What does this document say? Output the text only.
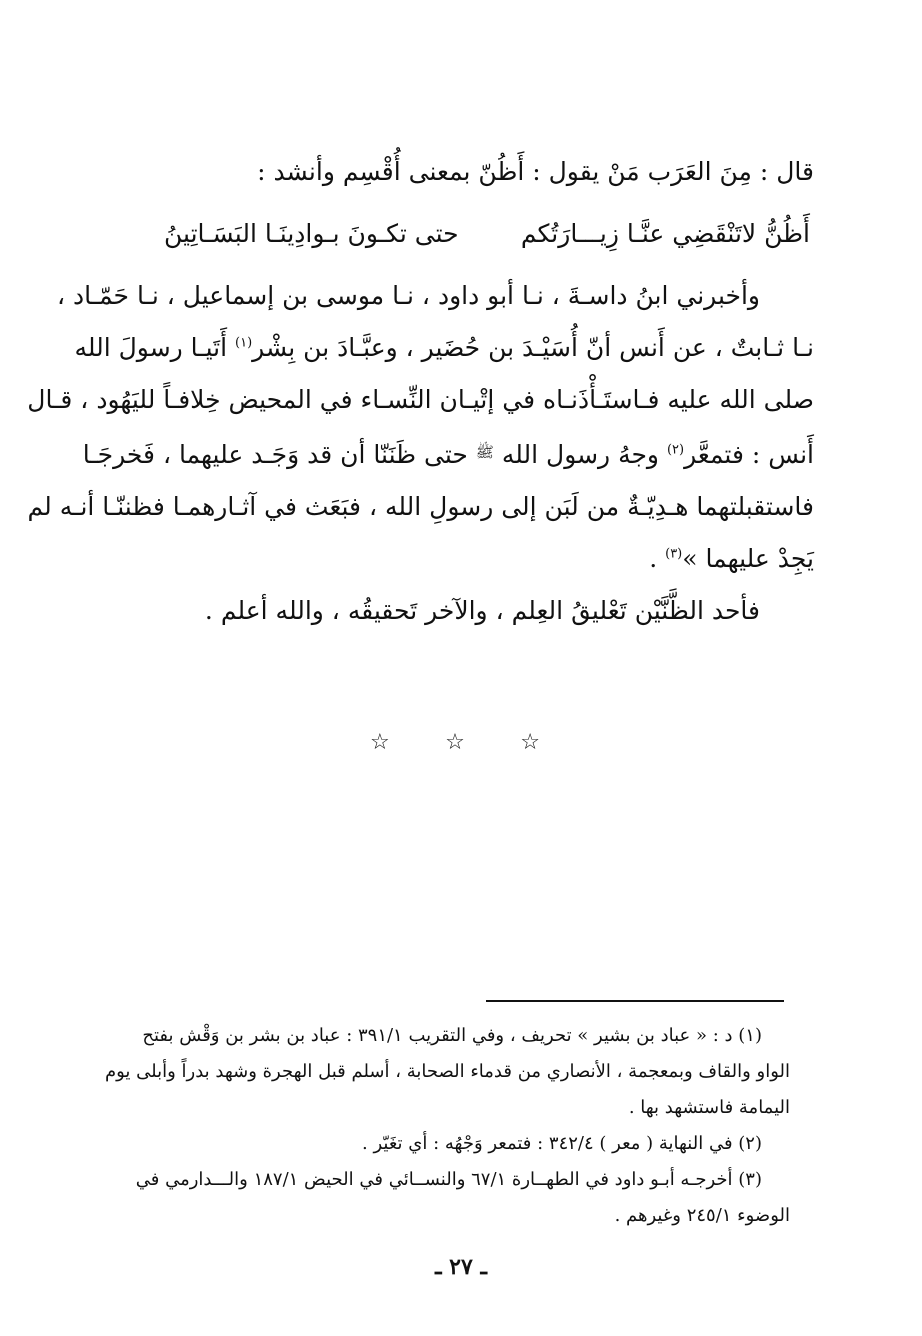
قال : مِنَ العَرَب مَنْ يقول : أَظُنّ بمعنى أُقْسِم وأنشد :
أَظُنُّ لاتَنْقَضِي عنَّـا زِيـــارَتُكم
حتى تكـونَ بـوادِينَـا البَسَـاتِينُ
وأخبرني ابنُ داسـةَ ، نـا أبو داود ، نـا موسى بن إسماعيل ، نـا حَمّـاد ،
نـا ثـابتٌ ، عن أَنس أنّ أُسَيْـدَ بن حُضَير ، وعبَّـادَ بن بِشْر$^{(١)}$ أَتَيـا رسولَ الله
صلى الله عليه فـاستَـأْذَنـاه في إتْيـان النِّسـاء في المحيض خِلافـاً لليَهُود ، قـال
أَنس : فتمعَّر$^{(٢)}$ وجهُ رسول الله $^ﷺ$ حتى ظَنَنّا أن قد وَجَـد عليهما ، فَخرجَـا
فاستقبلتهما هـدِيّـةٌ من لَبَن إلى رسولِ الله ، فبَعَث في آثـارهمـا فظننّـا أنـه لم
يَجِدْ عليهما »$^{(٣)}$ .
فأحد الظَّنَّيْن تَعْليقُ العِلم ، والآخر تَحقيقُه ، والله أعلم .
☆	☆	☆
(١) د : « عباد بن بشير » تحريف ، وفي التقريب ٣٩١/١ : عباد بن بشر بن وَقْش بفتح
الواو والقاف وبمعجمة ، الأنصاري من قدماء الصحابة ، أسلم قبل الهجرة وشهد بدراً وأبلى يوم
اليمامة فاستشهد بها .
(٢) في النهاية ( معر ) ٣٤٢/٤ : فتمعر وَجْهُه : أي تغَيّر .
(٣) أخرجـه أبـو داود في الطهــارة ٦٧/١ والنســائي في الحيض ١٨٧/١ والـــدارمي في
الوضوء ٢٤٥/١ وغيرهم .
ـ ٢٧ ـ
